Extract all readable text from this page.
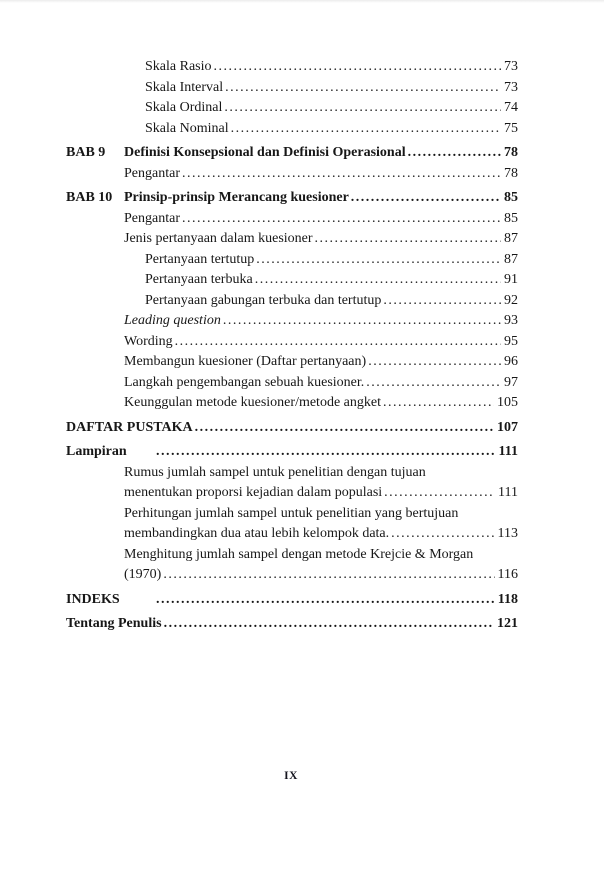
Skala Rasio .....	73
Skala Interval .....	73
Skala Ordinal .....	74
Skala Nominal .....	75
BAB 9	Definisi Konsepsional dan Definisi Operasional .....	78
Pengantar .....	78
BAB 10 Prinsip-prinsip Merancang kuesioner .....	85
Pengantar .....	85
Jenis pertanyaan dalam kuesioner .....	87
Pertanyaan tertutup .....	87
Pertanyaan terbuka .....	91
Pertanyaan gabungan terbuka dan tertutup .....	92
Leading question .....	93
Wording .....	95
Membangun kuesioner (Daftar pertanyaan) .....	96
Langkah pengembangan sebuah kuesioner. .....	97
Keunggulan metode kuesioner/metode angket .....	105
DAFTAR PUSTAKA .....	107
Lampiran .....	111
Rumus jumlah sampel untuk penelitian dengan tujuan
menentukan proporsi kejadian dalam populasi .....	111
Perhitungan jumlah sampel untuk penelitian yang bertujuan
membandingkan dua atau lebih kelompok data. .....	113
Menghitung jumlah sampel dengan metode Krejcie & Morgan
(1970) .....	116
INDEKS .....	118
Tentang Penulis .....	121
IX
